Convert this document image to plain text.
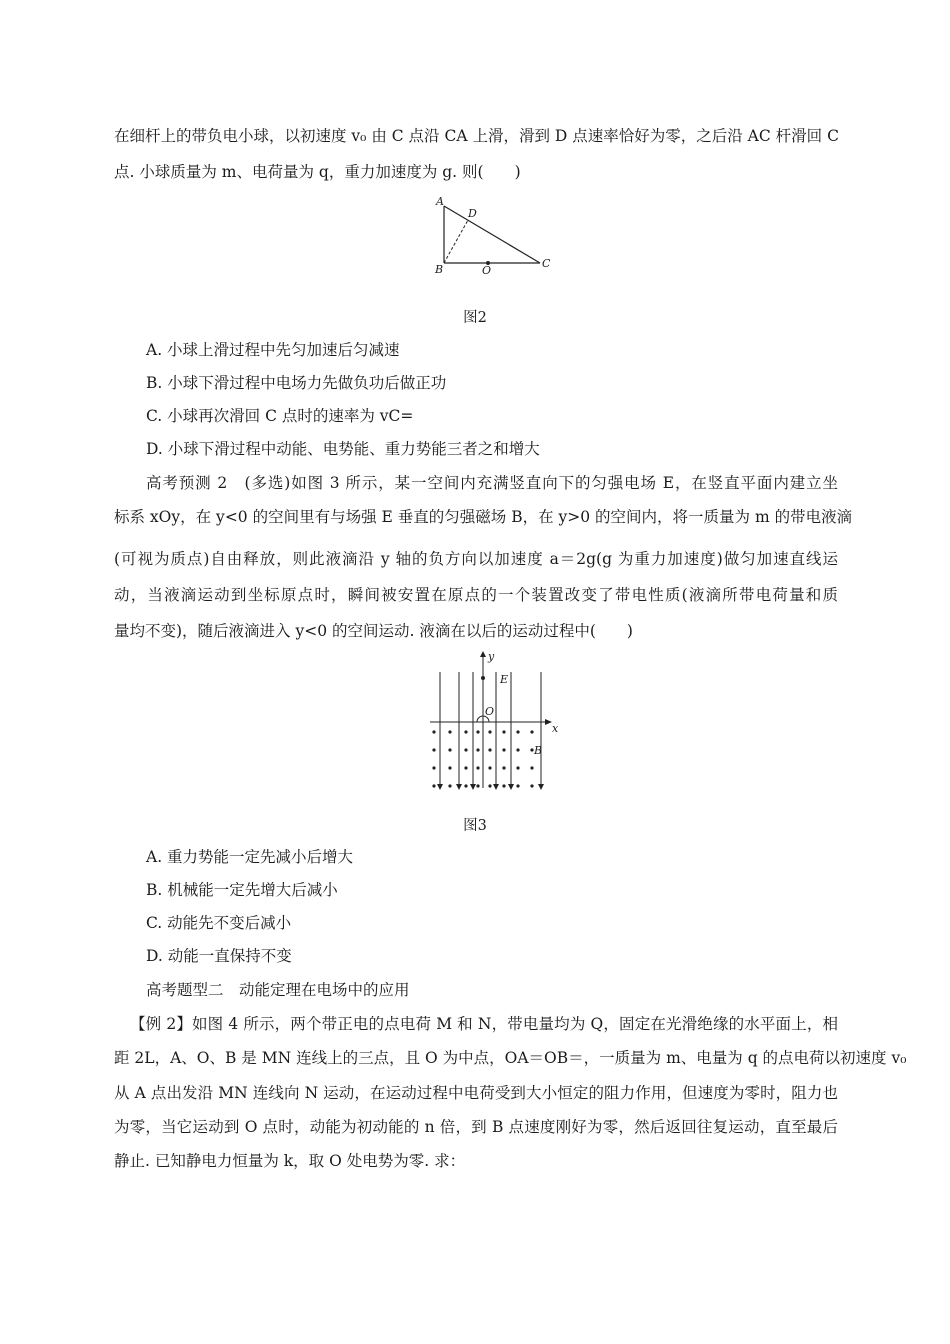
在细杆上的带负电小球，以初速度 v₀ 由 C 点沿 CA 上滑，滑到 D 点速率恰好为零，之后沿 AC 杆滑回 C
点. 小球质量为 m、电荷量为 q，重力加速度为 g. 则(　　)
A
D
B	O
C
图2
A. 小球上滑过程中先匀加速后匀减速
B. 小球下滑过程中电场力先做负功后做正功
C. 小球再次滑回 C 点时的速率为 vC=
D. 小球下滑过程中动能、电势能、重力势能三者之和增大
高考预测 2　(多选)如图 3 所示，某一空间内充满竖直向下的匀强电场 E，在竖直平面内建立坐
标系 xOy，在 y<0 的空间里有与场强 E 垂直的匀强磁场 B，在 y>0 的空间内，将一质量为 m 的带电液滴
(可视为质点)自由释放，则此液滴沿 y 轴的负方向以加速度 a＝2g(g 为重力加速度)做匀加速直线运
动，当液滴运动到坐标原点时，瞬间被安置在原点的一个装置改变了带电性质(液滴所带电荷量和质
量均不变)，随后液滴进入 y<0 的空间运动. 液滴在以后的运动过程中(　　)
y
E
O
x
B
图3
A. 重力势能一定先减小后增大
B. 机械能一定先增大后减小
C. 动能先不变后减小
D. 动能一直保持不变
高考题型二　动能定理在电场中的应用
【例 2】如图 4 所示，两个带正电的点电荷 M 和 N，带电量均为 Q，固定在光滑绝缘的水平面上，相
距 2L，A、O、B 是 MN 连线上的三点，且 O 为中点，OA＝OB＝，一质量为 m、电量为 q 的点电荷以初速度 v₀
从 A 点出发沿 MN 连线向 N 运动，在运动过程中电荷受到大小恒定的阻力作用，但速度为零时，阻力也
为零，当它运动到 O 点时，动能为初动能的 n 倍，到 B 点速度刚好为零，然后返回往复运动，直至最后
静止. 已知静电力恒量为 k，取 O 处电势为零. 求：
